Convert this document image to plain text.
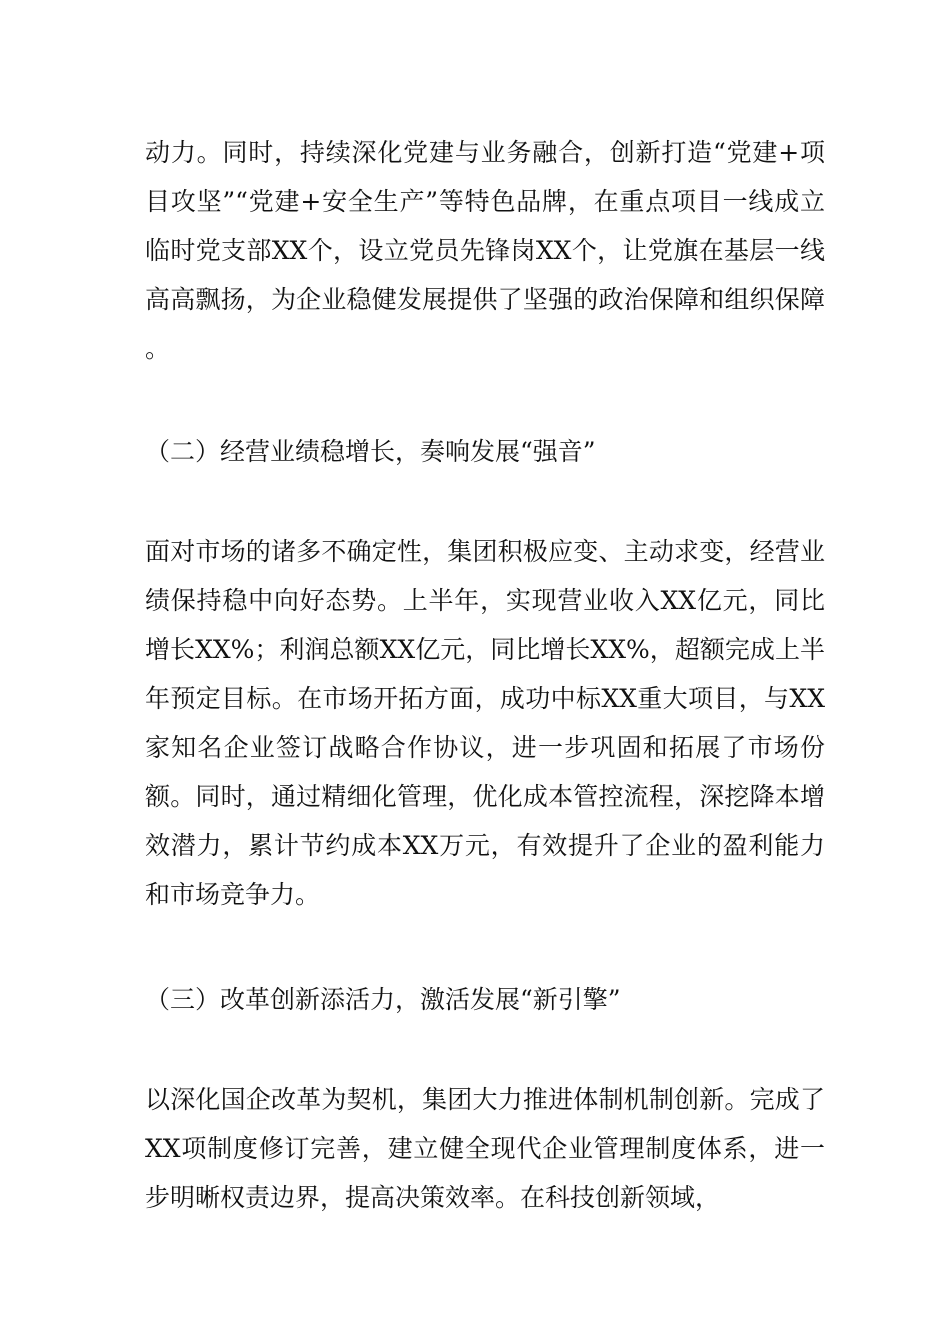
动力。同时，持续深化党建与业务融合，创新打造“党建+项目攻坚”“党建+安全生产”等特色品牌，在重点项目一线成立临时党支部XX个，设立党员先锋岗XX个，让党旗在基层一线高高飘扬，为企业稳健发展提供了坚强的政治保障和组织保障 。

（二）经营业绩稳增长，奏响发展“强音”

面对市场的诸多不确定性，集团积极应变、主动求变，经营业绩保持稳中向好态势。上半年，实现营业收入XX亿元，同比增长XX%；利润总额XX亿元，同比增长XX%，超额完成上半年预定目标。在市场开拓方面，成功中标XX重大项目，与XX家知名企业签订战略合作协议，进一步巩固和拓展了市场份额。同时，通过精细化管理，优化成本管控流程，深挖降本增效潜力，累计节约成本XX万元，有效提升了企业的盈利能力和市场竞争力。

（三）改革创新添活力，激活发展“新引擎”

以深化国企改革为契机，集团大力推进体制机制创新。完成了XX项制度修订完善，建立健全现代企业管理制度体系，进一步明晰权责边界，提高决策效率。在科技创新领域，
